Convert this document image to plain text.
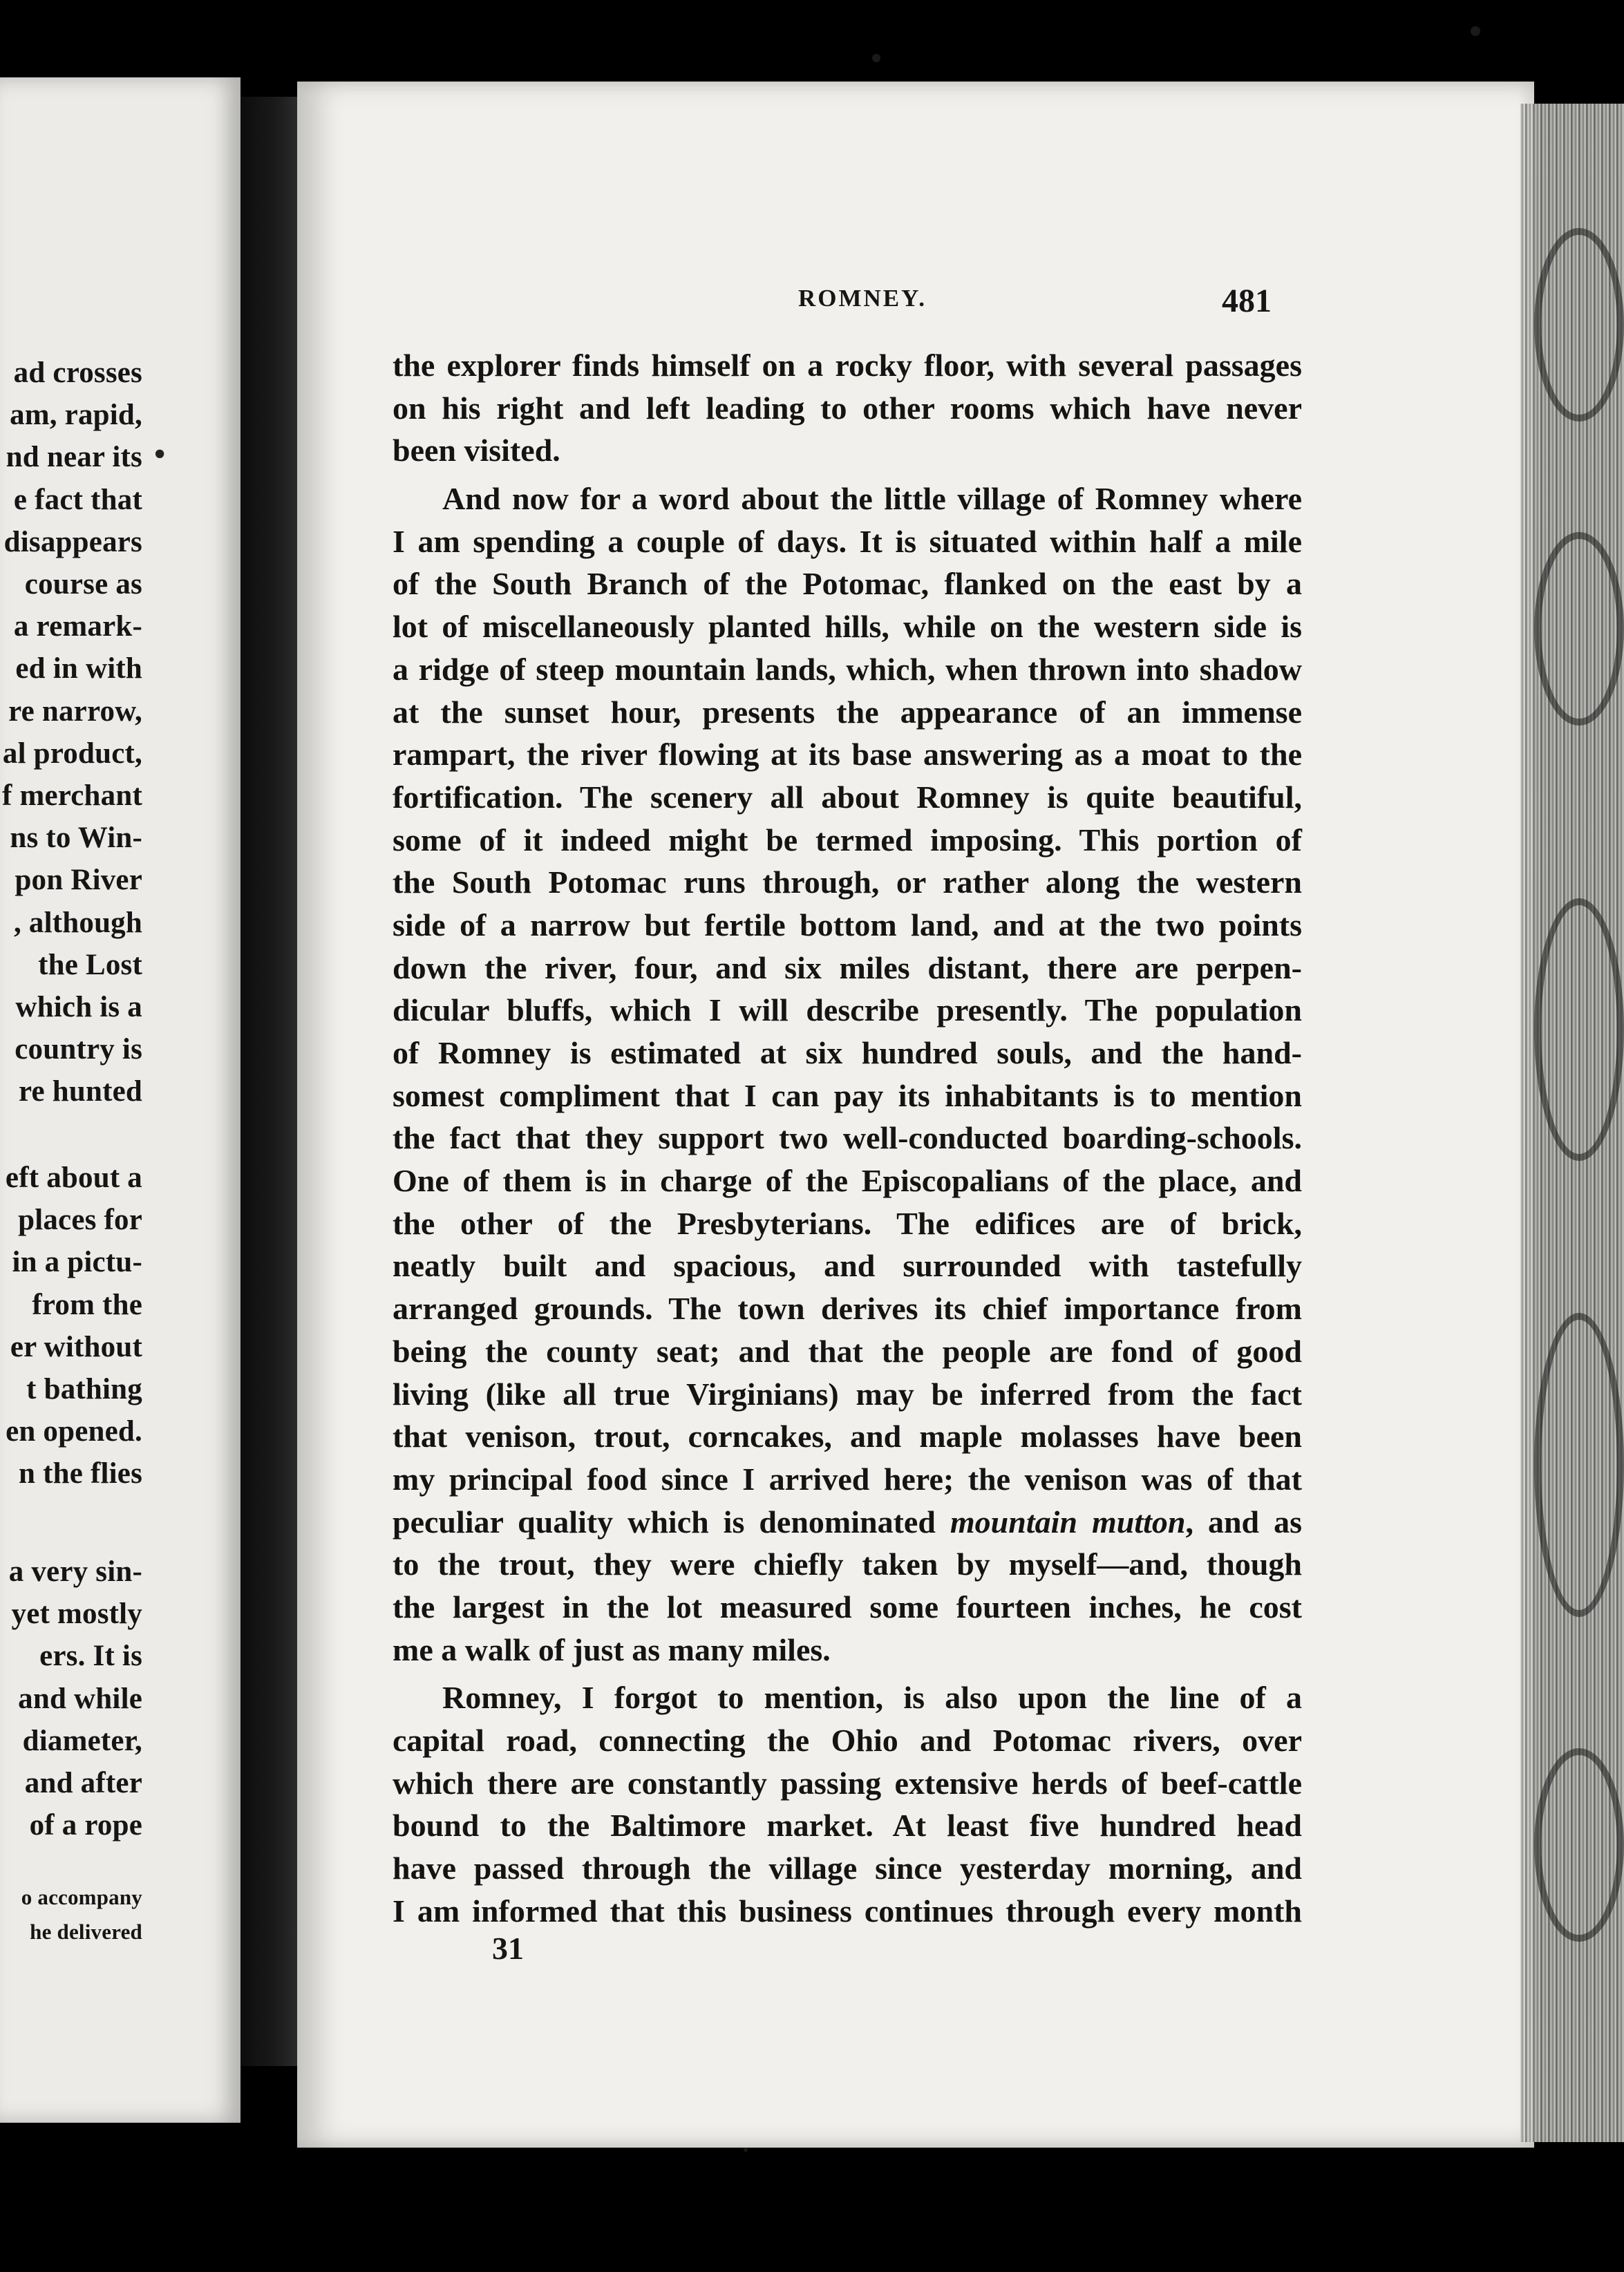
ad crosses
am, rapid,
nd near its
e fact that
disappears
course as
a remark-
ed in with
re narrow,
al product,
f merchant
ns to Win-
pon River
, although
the Lost
which is a
country is
re hunted
eft about a
places for
in a pictu-
from the
er without
t bathing
en opened.
n the flies
a very sin-
yet mostly
ers. It is
and while
diameter,
and after
of a rope
o accompany
he delivered
•
ROMNEY.	481
the explorer finds himself on a rocky floor, with several passages
on his right and left leading to other rooms which have never
been visited.
And now for a word about the little village of Romney where
I am spending a couple of days. It is situated within half a mile
of the South Branch of the Potomac, flanked on the east by a
lot of miscellaneously planted hills, while on the western side is
a ridge of steep mountain lands, which, when thrown into shadow
at the sunset hour, presents the appearance of an immense
rampart, the river flowing at its base answering as a moat to the
fortification. The scenery all about Romney is quite beautiful,
some of it indeed might be termed imposing. This portion of
the South Potomac runs through, or rather along the western
side of a narrow but fertile bottom land, and at the two points
down the river, four, and six miles distant, there are perpen-
dicular bluffs, which I will describe presently. The population
of Romney is estimated at six hundred souls, and the hand-
somest compliment that I can pay its inhabitants is to mention
the fact that they support two well-conducted boarding-schools.
One of them is in charge of the Episcopalians of the place, and
the other of the Presbyterians. The edifices are of brick,
neatly built and spacious, and surrounded with tastefully
arranged grounds. The town derives its chief importance from
being the county seat; and that the people are fond of good
living (like all true Virginians) may be inferred from the fact
that venison, trout, corncakes, and maple molasses have been
my principal food since I arrived here; the venison was of that
peculiar quality which is denominated mountain mutton, and as
to the trout, they were chiefly taken by myself—and, though
the largest in the lot measured some fourteen inches, he cost
me a walk of just as many miles.
Romney, I forgot to mention, is also upon the line of a
capital road, connecting the Ohio and Potomac rivers, over
which there are constantly passing extensive herds of beef-cattle
bound to the Baltimore market. At least five hundred head
have passed through the village since yesterday morning, and
I am informed that this business continues through every month
31
